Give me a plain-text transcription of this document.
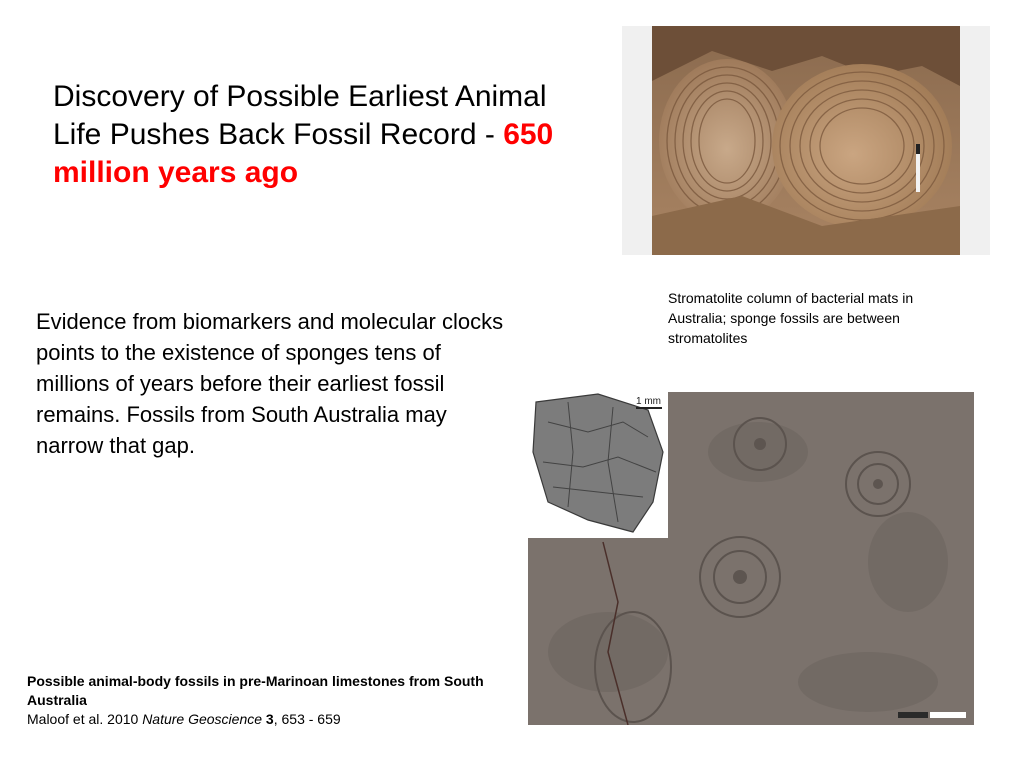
Discovery of Possible Earliest Animal Life Pushes Back Fossil Record - 650 million years ago
Evidence from biomarkers and molecular clocks points to the existence of sponges tens of millions of years before their earliest fossil remains. Fossils from South Australia may narrow that gap.
Stromatolite column of bacterial mats in Australia; sponge fossils are between stromatolites
1 mm
Possible animal-body fossils in pre-Marinoan limestones from South Australia
Maloof et al. 2010 Nature Geoscience 3, 653 - 659
